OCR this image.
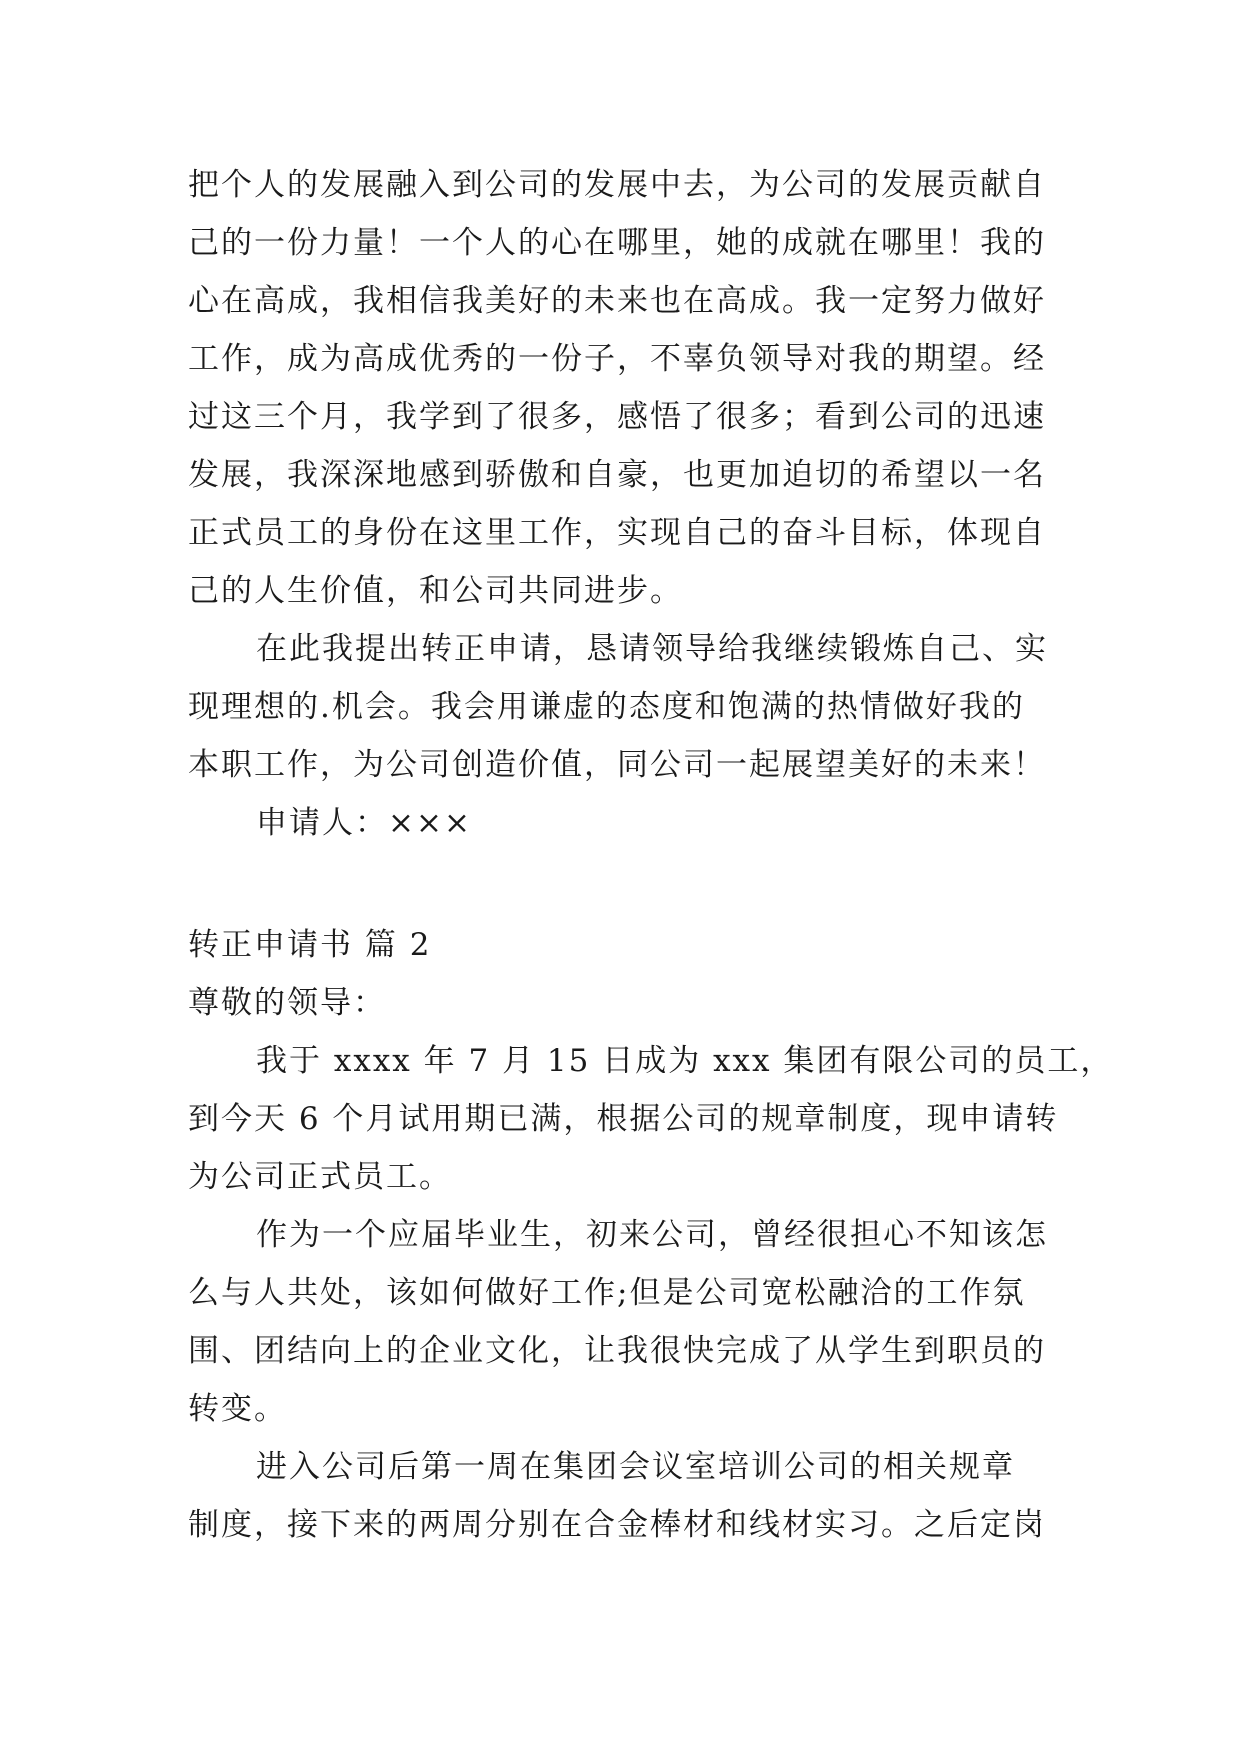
把个人的发展融入到公司的发展中去，为公司的发展贡献自
己的一份力量！一个人的心在哪里，她的成就在哪里！我的
心在高成，我相信我美好的未来也在高成。我一定努力做好
工作，成为高成优秀的一份子，不辜负领导对我的期望。经
过这三个月，我学到了很多，感悟了很多；看到公司的迅速
发展，我深深地感到骄傲和自豪，也更加迫切的希望以一名
正式员工的身份在这里工作，实现自己的奋斗目标，体现自
己的人生价值，和公司共同进步。
在此我提出转正申请，恳请领导给我继续锻炼自己、实
现理想的.机会。我会用谦虚的态度和饱满的热情做好我的
本职工作，为公司创造价值，同公司一起展望美好的未来！
申请人：×××
转正申请书 篇 2
尊敬的领导：
我于 xxxx 年 7 月 15 日成为 xxx 集团有限公司的员工，
到今天 6 个月试用期已满，根据公司的规章制度，现申请转
为公司正式员工。
作为一个应届毕业生，初来公司，曾经很担心不知该怎
么与人共处，该如何做好工作;但是公司宽松融洽的工作氛
围、团结向上的企业文化，让我很快完成了从学生到职员的
转变。
进入公司后第一周在集团会议室培训公司的相关规章
制度，接下来的两周分别在合金棒材和线材实习。之后定岗
